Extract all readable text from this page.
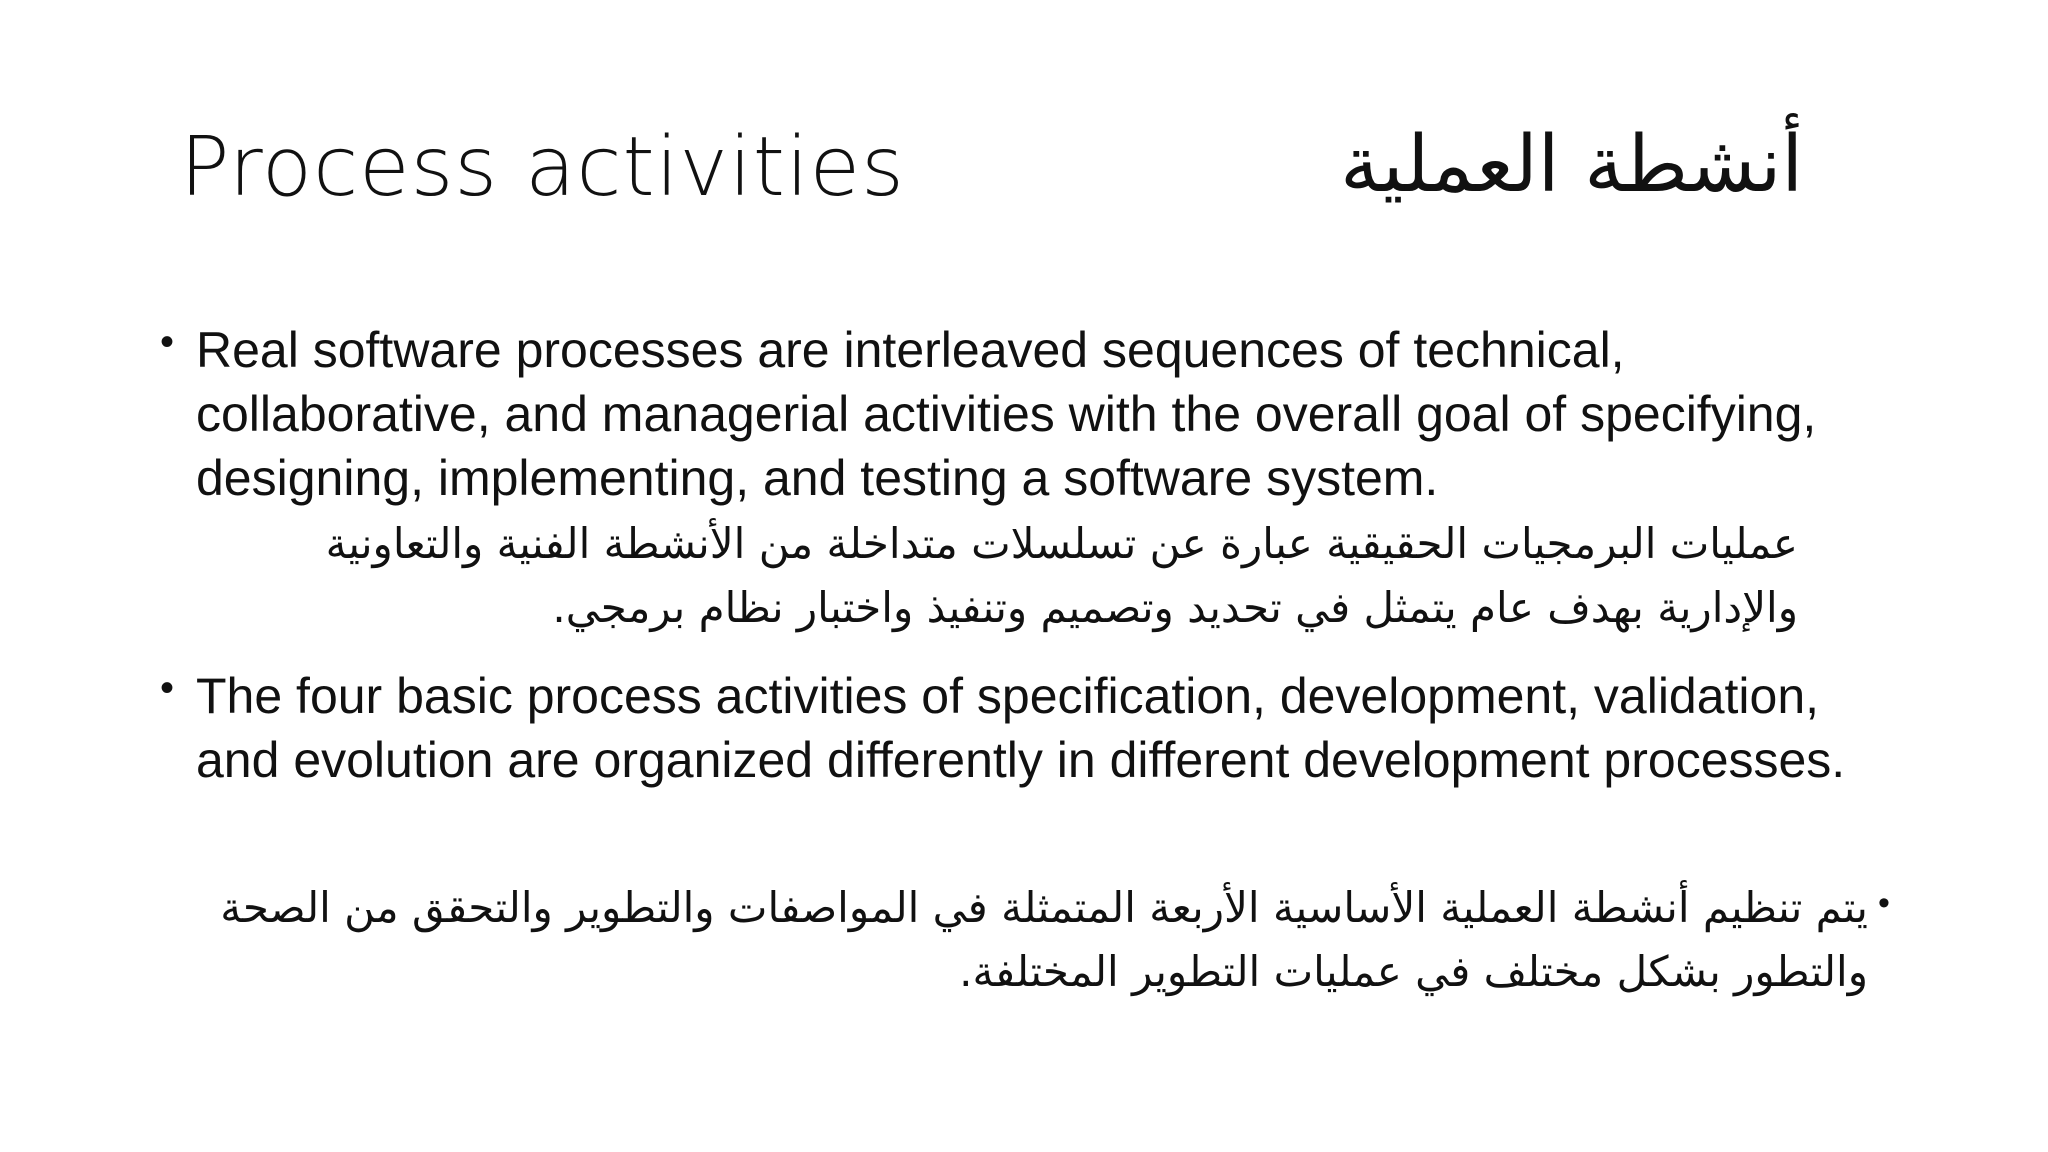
Process activities	أنشطة العملية
• Real software processes are interleaved sequences of technical, collaborative, and managerial activities with the overall goal of specifying, designing, implementing, and testing a software system.
عمليات البرمجيات الحقيقية عبارة عن تسلسلات متداخلة من الأنشطة الفنية والتعاونية والإدارية بهدف عام يتمثل في تحديد وتصميم وتنفيذ واختبار نظام برمجي.
• The four basic process activities of specification, development, validation, and evolution are organized differently in different development processes.
•
يتم تنظيم أنشطة العملية الأساسية الأربعة المتمثلة في المواصفات والتطوير والتحقق من الصحة والتطور بشكل مختلف في عمليات التطوير المختلفة.
